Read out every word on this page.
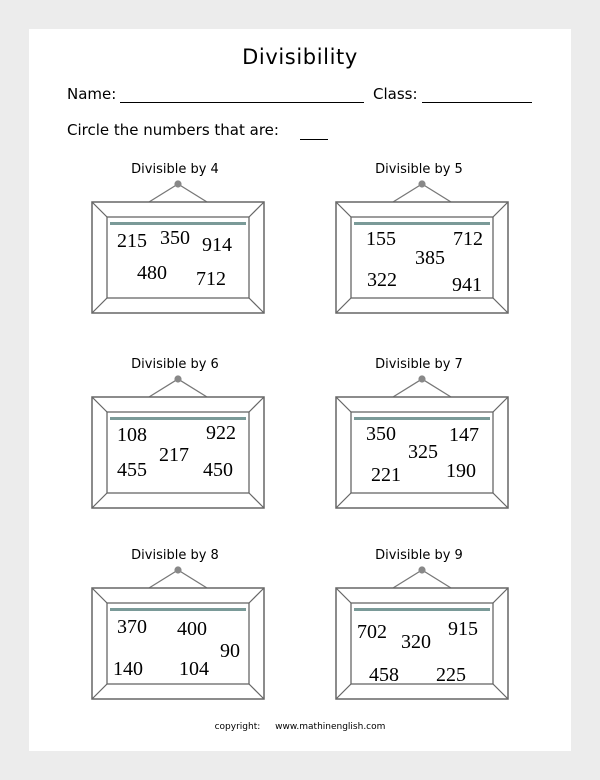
Divisibility
Name:	Class:
Circle the numbers that are:
Divisible by 4
215 350 914
480 712
Divisible by 5
155	712
385
322	941
Divisible by 6
108	922
217
455	450
Divisible by 7
350	147
325
221 190
Divisible by 8
370 400
90
140 104
Divisible by 9
702	915
320
458 225
copyright: www.mathinenglish.com
